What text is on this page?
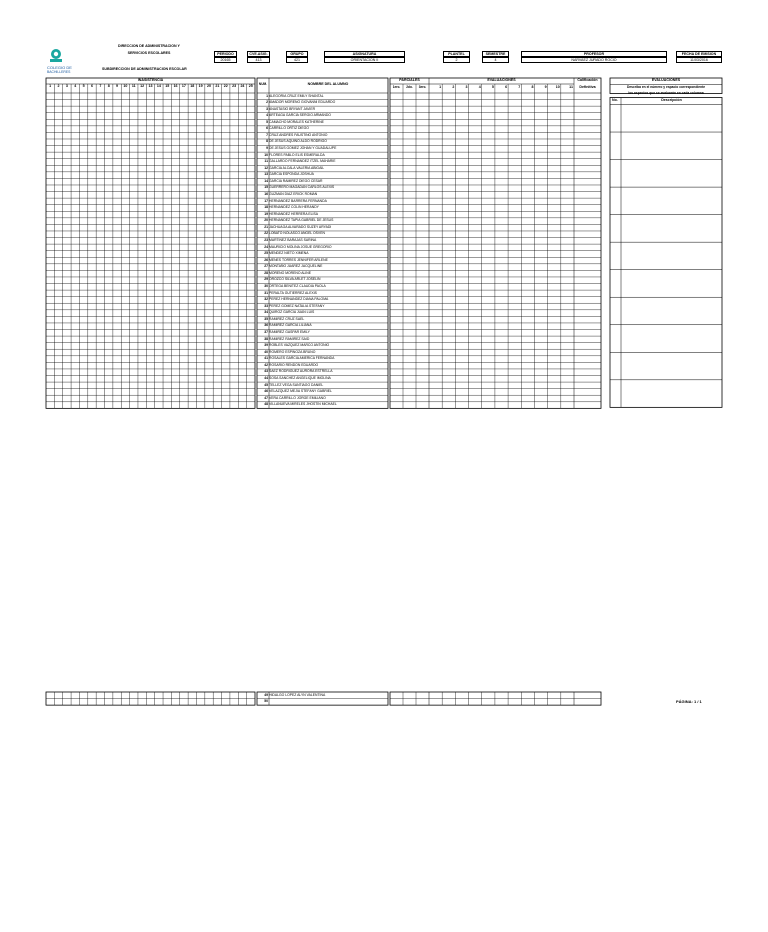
COLEGIO DE
BACHILLERES
DIRECCION DE ADMINISTRACION Y
SERVICIOS ESCOLARES
SUBDIRECCION DE ADMINISTRACION ESCOLAR
PERIODO
20165
CVE.ASIG.
413
GRUPO
421
ASIGNATURA
ORIENTACION II
PLANTEL
2
SEMESTRE
4
PROFESOR
NARVAEZ JURADO ROCIO
FECHA DE EMISION
11/03/2016
INASISTENCIA
1	2	3	4	5	6	7	8	9	10	11	12	13	14	15	16	17	18	19	20	21	22	23	24	25	NUM.	NOMBRE DEL ALUMNO
PARCIALES
1ero.	2do.	3ero.
EVALUACIONES
1	2	3	4	5	6	7	8	9	10	11
Calificación
Definitiva
EVALUACIONES
Describa en el número y espacio correspondiente
los aspectos que se evaluarán en cada columna
No.	Descripción
1 ALEGORIA CRUZ EMILY SHANTAL
2 AMADOR MORENO GIOVANNI EDUARDO
3 ANASTASIO BRYANT JAVIER
4 ARTEAGA GARCIA SERGIO ARMANDO
5 CAMACHO MORALES KATHERINE
6 CARRILLO ORTIZ DIEGO
7 CRUZ ANDRES FAUSTINO ANTONIO
8 DE JESUS AQUINO ALDO RODRIGO
9 DE JESUS GOMEZ JOHAN Y GUADALUPE
10 FLORES PABLO ELIS ESMERALDA
11 GALLARDO FERNANDEZ ITZEL MAHARIE
12 GARCIA ALCALA VALERIA ABIGAIL
13 GARCIA ESPONDA JOSHUA
14 GARCIA RAMIREZ DIEGO CESAR
15 GUERRERO MAGADAN CARLOS ALEXIS
16 GUZMAN DIAZ ERICK ROMAN
17 HERNANDEZ BARRERA FERNANDA
18 HERNANDEZ COLIN HERANDY
19 HERNANDEZ HERRERA ELISA
20 HERNANDEZ TAPIA GABRIEL DE JESUS
21 JACHUAGA ALVARADO SUZEY ARYADI
22 LOBATO NOLASCO ANGEL OSVEN
23 MARTINEZ BARAJAS SARINA
24 MAURICIO MOLINA JOSUE GREGORIO
25 MENDEZ NIETO XIMENA
26 MENES TORRES JENNIFER ARLENE
27 MONTAÑO JUAREZ JACQUELINE
28 MORENO MORENO ALINE
29 OROZCO SILVA ARLET JOSELIN
30 ORTEGA BENITEZ CLAUDIA PAOLA
31 PERALTA GUTIERREZ ALEXIS
32 PEREZ HERNANDEZ DIANA PALOMA
33 PEREZ GOMEZ NATALIA STEFANY
34 QUIROZ GARCIA JUAN LUIS
35 RAMIREZ CRUZ SAEL
36 RAMIREZ GARCIA LILIANA
37 RAMIREZ GASPAR EMILY
38 RAMIREZ RAMIREZ SAID
39 ROBLES VAZQUEZ MARCO ANTONIO
40 ROMERO ESPINOZA BRUNO
41 ROSALES GARCIA AMERICA FERNANDA
42 ROSARIO RENDON EDUARDO
43 SAEZ RODRIGUEZ AURORA ESTRELLA
44 SOSA SANCHEZ ANGELIQUE IMOLINA
45 TELLEZ VEGA SANTIAGO DANIEL
46 VELAZQUEZ MEJIA STEFANY GABRIEL
47 VERA CARRILLO JORGE EMILIANO
48 VILLANUEVA MIRELES JHOSTIN MICHAEL
49 HIDALGO LOPEZ ALYN VALENTINA
50	PÁGINA: 1 / 1
